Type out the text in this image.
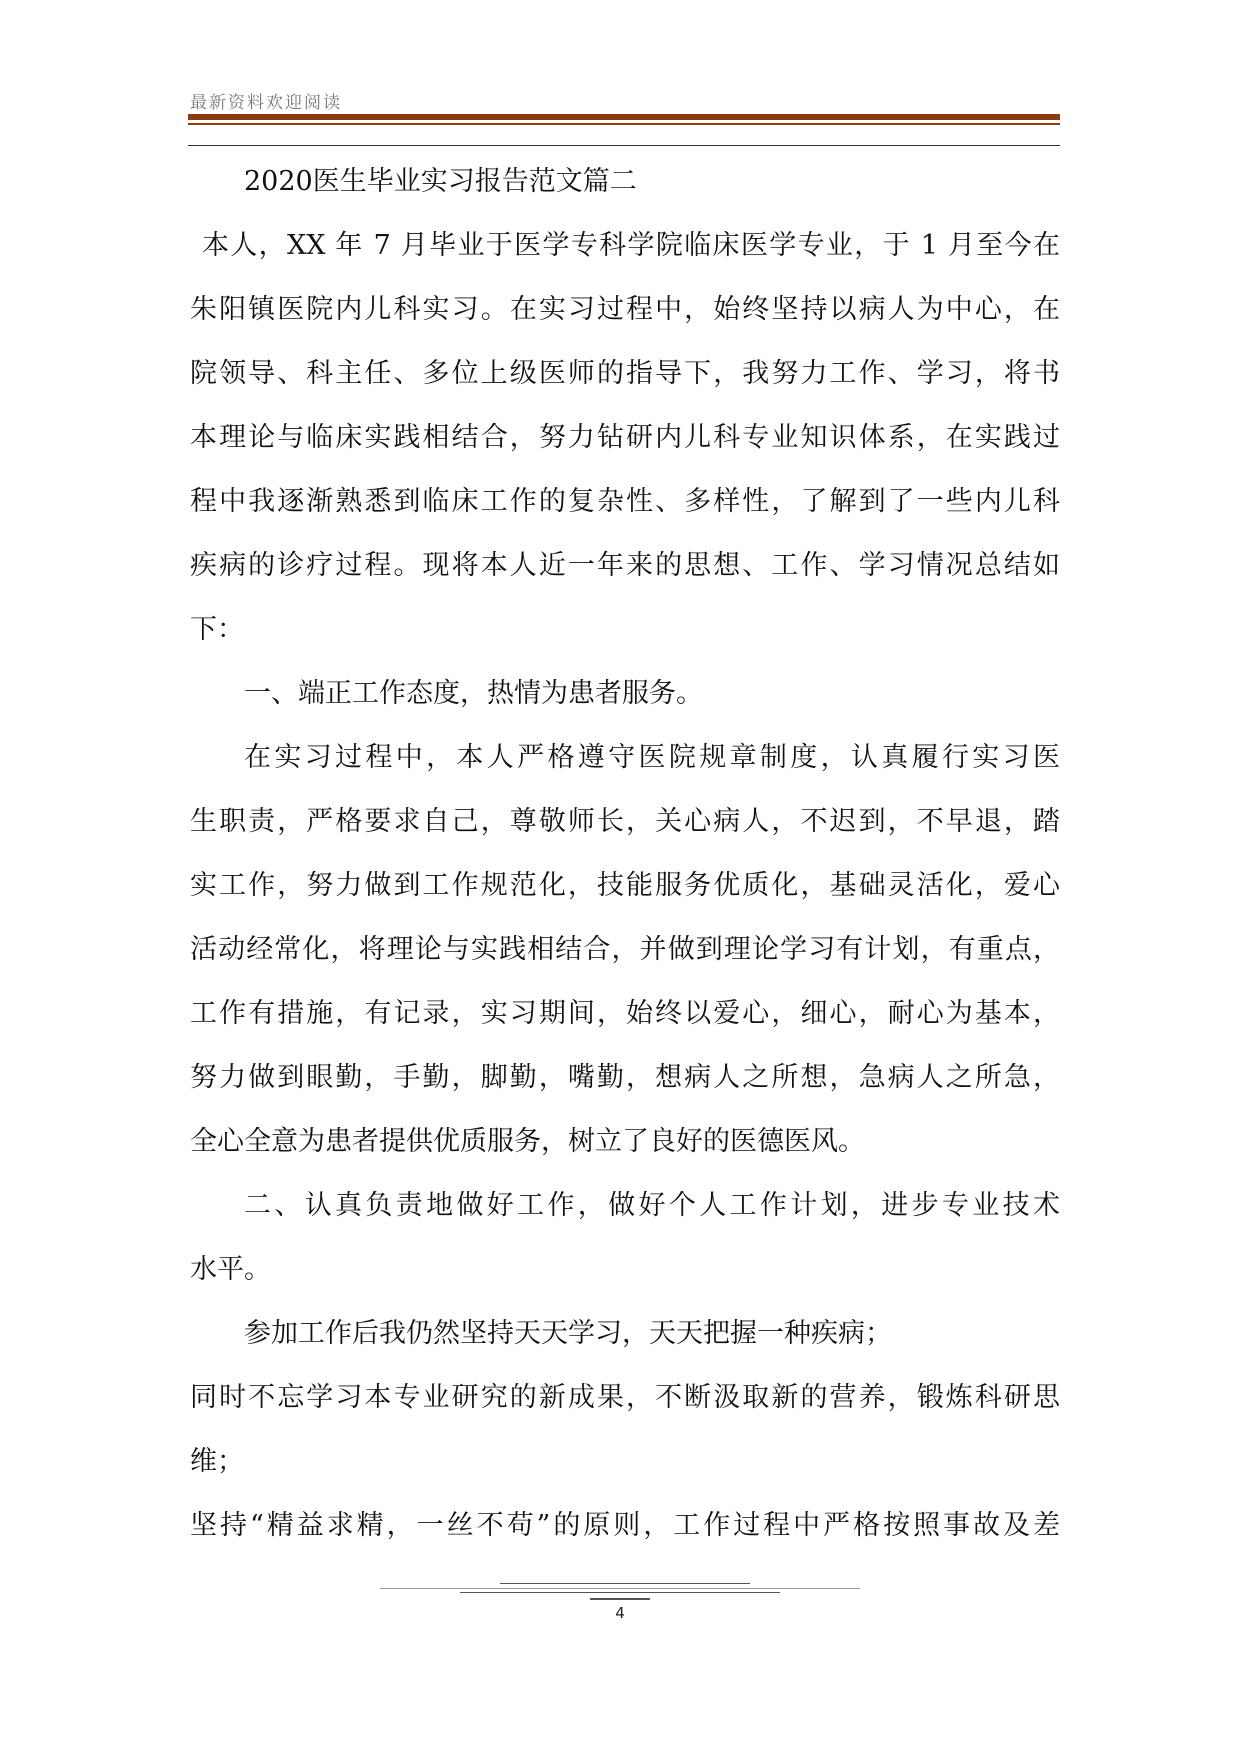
最新资料欢迎阅读
2020医生毕业实习报告范文篇二
本人，XX 年 7 月毕业于医学专科学院临床医学专业，于 1 月至今在
朱阳镇医院内儿科实习。在实习过程中，始终坚持以病人为中心，在
院领导、科主任、多位上级医师的指导下，我努力工作、学习，将书
本理论与临床实践相结合，努力钻研内儿科专业知识体系，在实践过
程中我逐渐熟悉到临床工作的复杂性、多样性，了解到了一些内儿科
疾病的诊疗过程。现将本人近一年来的思想、工作、学习情况总结如
下：
一、端正工作态度，热情为患者服务。
在实习过程中，本人严格遵守医院规章制度，认真履行实习医
生职责，严格要求自己，尊敬师长，关心病人，不迟到，不早退，踏
实工作，努力做到工作规范化，技能服务优质化，基础灵活化，爱心
活动经常化，将理论与实践相结合，并做到理论学习有计划，有重点，
工作有措施，有记录，实习期间，始终以爱心，细心，耐心为基本，
努力做到眼勤，手勤，脚勤，嘴勤，想病人之所想，急病人之所急，
全心全意为患者提供优质服务，树立了良好的医德医风。
二、认真负责地做好工作，做好个人工作计划，进步专业技术
水平。
参加工作后我仍然坚持天天学习，天天把握一种疾病；
同时不忘学习本专业研究的新成果，不断汲取新的营养，锻炼科研思
维；
坚持“精益求精，一丝不苟”的原则，工作过程中严格按照事故及差
4
